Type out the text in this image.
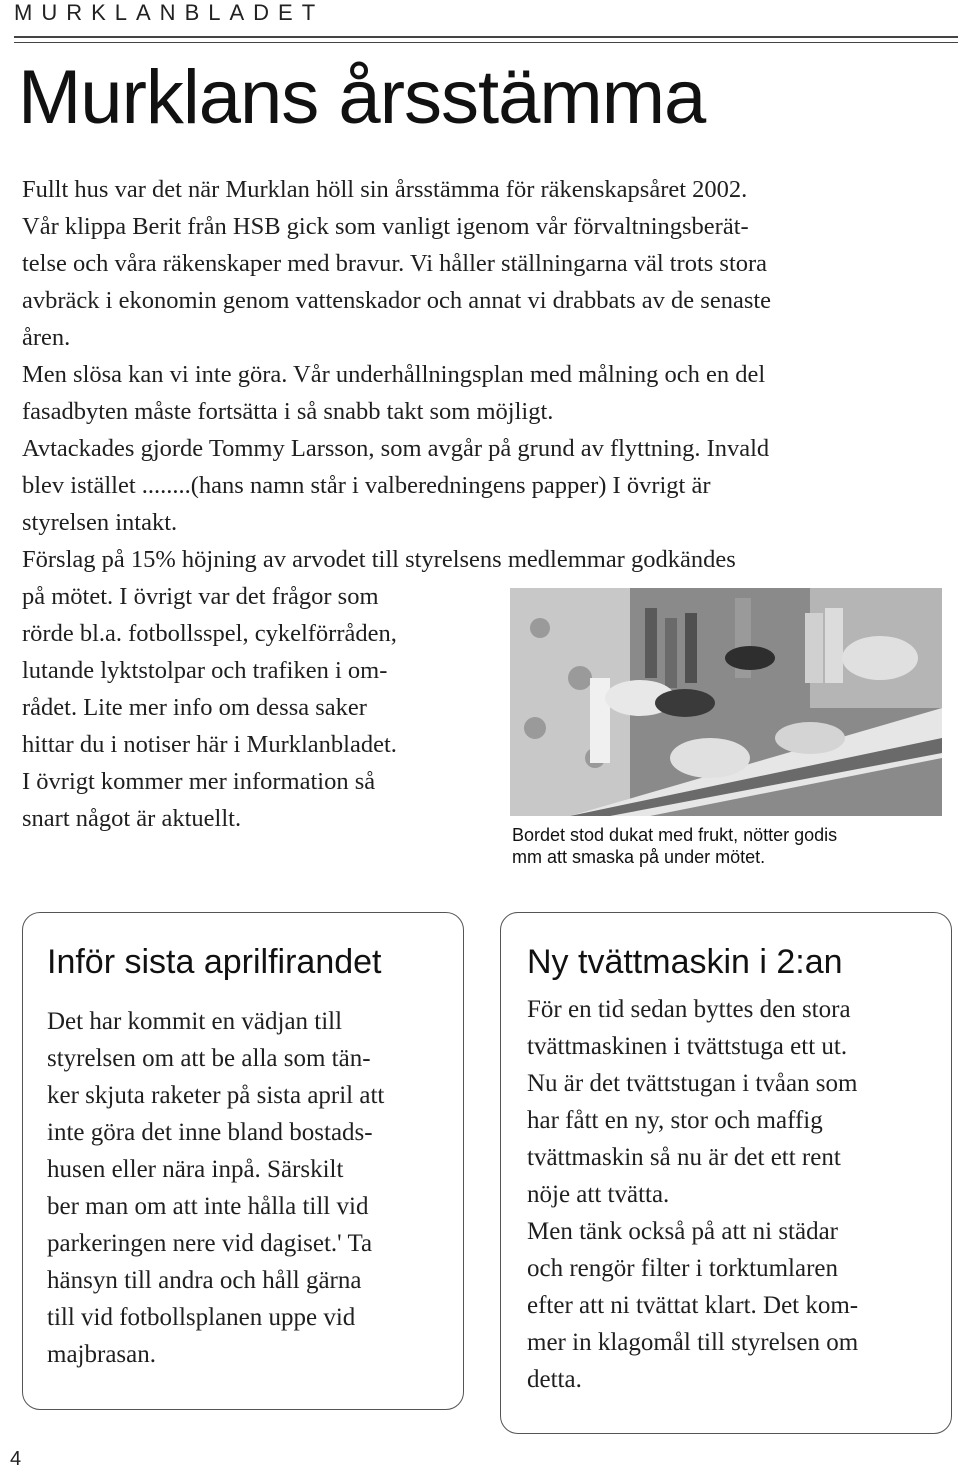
MURKLANBLADET
Murklans årsstämma
Fullt hus var det när Murklan höll sin årsstämma för räkenskapsåret 2002.
Vår klippa Berit från HSB gick som vanligt igenom vår förvaltningsberät-
telse och våra räkenskaper med bravur. Vi håller ställningarna väl trots stora
avbräck i ekonomin genom vattenskador och annat vi drabbats av de senaste
åren.
Men slösa kan vi inte göra. Vår underhållningsplan med målning och en del
fasadbyten måste fortsätta i så snabb takt som möjligt.
Avtackades gjorde Tommy Larsson, som avgår på grund av flyttning. Invald
blev istället ........(hans namn står i valberedningens papper) I övrigt är
styrelsen intakt.
Förslag på 15% höjning av arvodet till styrelsens medlemmar godkändes
på mötet. I övrigt var det frågor som
rörde bl.a. fotbollsspel, cykelförråden,
lutande lyktstolpar och trafiken i om-
rådet. Lite mer info om dessa saker
hittar du i notiser här i Murklanbladet.
I övrigt kommer mer information så
snart något är aktuellt.
Bordet stod dukat med frukt, nötter godis
mm att smaska på under mötet.
Inför sista aprilfirandet
Det har kommit en vädjan till
styrelsen om att be alla som tän-
ker skjuta raketer på sista april att
inte göra det inne bland bostads-
husen eller nära inpå. Särskilt
ber man om att inte hålla till vid
parkeringen nere vid dagiset.' Ta
hänsyn till andra och håll gärna
till vid fotbollsplanen uppe vid
majbrasan.
Ny tvättmaskin i 2:an
För en tid sedan byttes den stora
tvättmaskinen i tvättstuga ett ut.
Nu är det tvättstugan i tvåan som
har fått en ny, stor och maffig
tvättmaskin så nu är det ett rent
nöje att tvätta.
Men tänk också på att ni städar
och rengör filter i torktumlaren
efter att ni tvättat klart. Det kom-
mer in klagomål till styrelsen om
detta.
4
